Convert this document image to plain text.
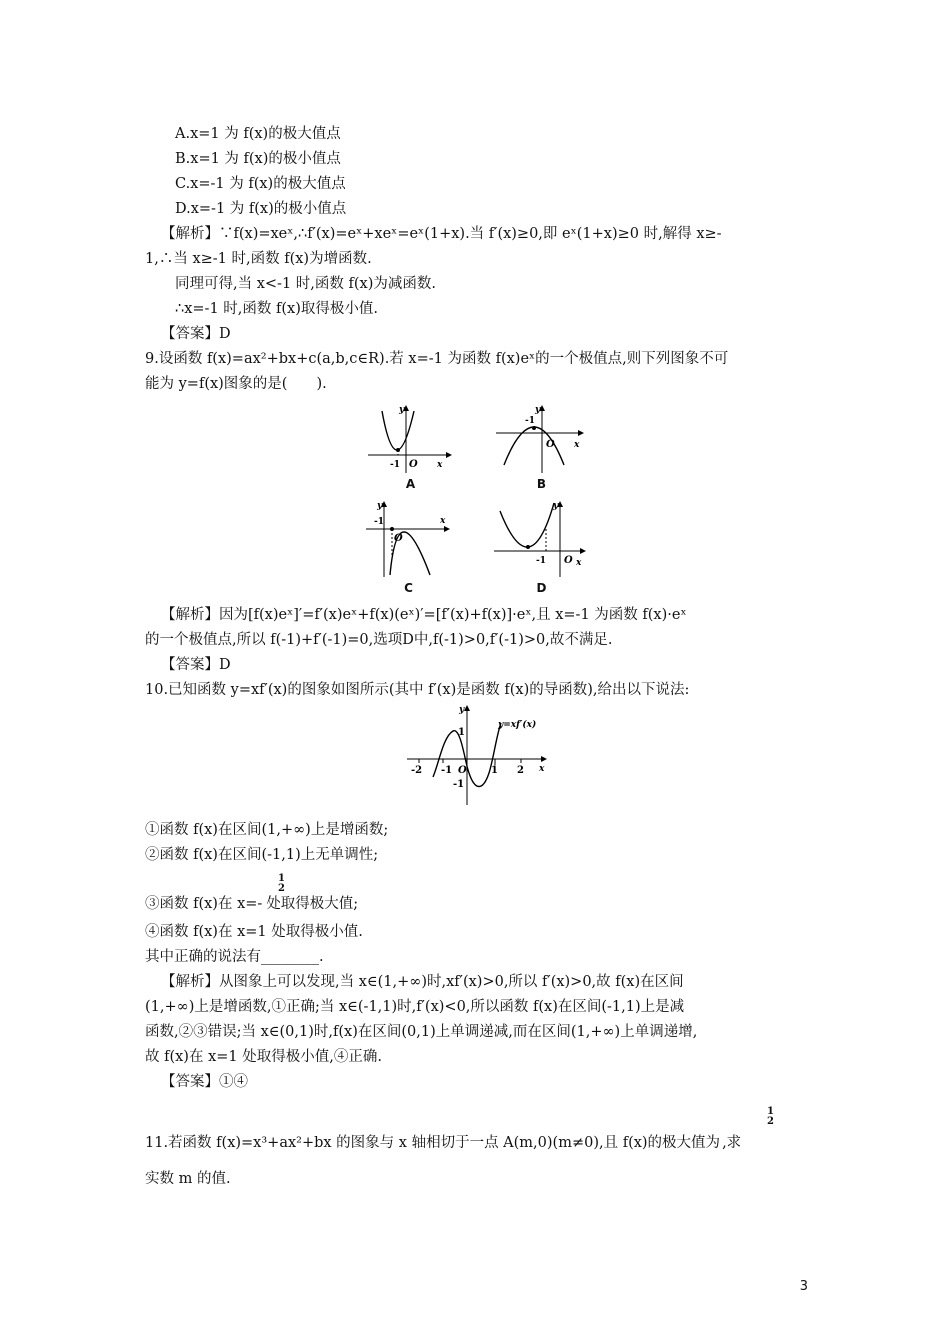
A.x=1 为 f(x)的极大值点
B.x=1 为 f(x)的极小值点
C.x=-1 为 f(x)的极大值点
D.x=-1 为 f(x)的极小值点
【解析】∵f(x)=xeˣ,∴f′(x)=eˣ+xeˣ=eˣ(1+x).当 f′(x)≥0,即 eˣ(1+x)≥0 时,解得 x≥-
1,∴当 x≥-1 时,函数 f(x)为增函数.
同理可得,当 x<-1 时,函数 f(x)为减函数.
∴x=-1 时,函数 f(x)取得极小值.
【答案】D
9.设函数 f(x)=ax²+bx+c(a,b,c∈R).若 x=-1 为函数 f(x)eˣ的一个极值点,则下列图象不可
能为 y=f(x)图象的是(　　).
y
x
-1 O
A
y
x
-1
O
B
y
x
-1
O
C
y
x
-1 O
D
【解析】因为[f(x)eˣ]′=f′(x)eˣ+f(x)(eˣ)′=[f′(x)+f(x)]·eˣ,且 x=-1 为函数 f(x)·eˣ
的一个极值点,所以 f(-1)+f′(-1)=0,选项D中,f(-1)>0,f′(-1)>0,故不满足.
【答案】D
10.已知函数 y=xf′(x)的图象如图所示(其中 f′(x)是函数 f(x)的导函数),给出以下说法:
y
x
y=xf′(x)
-2 -1 O 1 2
1
-1
①函数 f(x)在区间(1,+∞)上是增函数;
②函数 f(x)在区间(-1,1)上无单调性;
③函数 f(x)在 x=- 处取得极大值;
1
2
④函数 f(x)在 x=1 处取得极小值.
其中正确的说法有________.
【解析】从图象上可以发现,当 x∈(1,+∞)时,xf′(x)>0,所以 f′(x)>0,故 f(x)在区间
(1,+∞)上是增函数,①正确;当 x∈(-1,1)时,f′(x)<0,所以函数 f(x)在区间(-1,1)上是减
函数,②③错误;当 x∈(0,1)时,f(x)在区间(0,1)上单调递减,而在区间(1,+∞)上单调递增,
故 f(x)在 x=1 处取得极小值,④正确.
【答案】①④
11.若函数 f(x)=x³+ax²+bx 的图象与 x 轴相切于一点 A(m,0)(m≠0),且 f(x)的极大值为 ,求
1
2
实数 m 的值.
3
